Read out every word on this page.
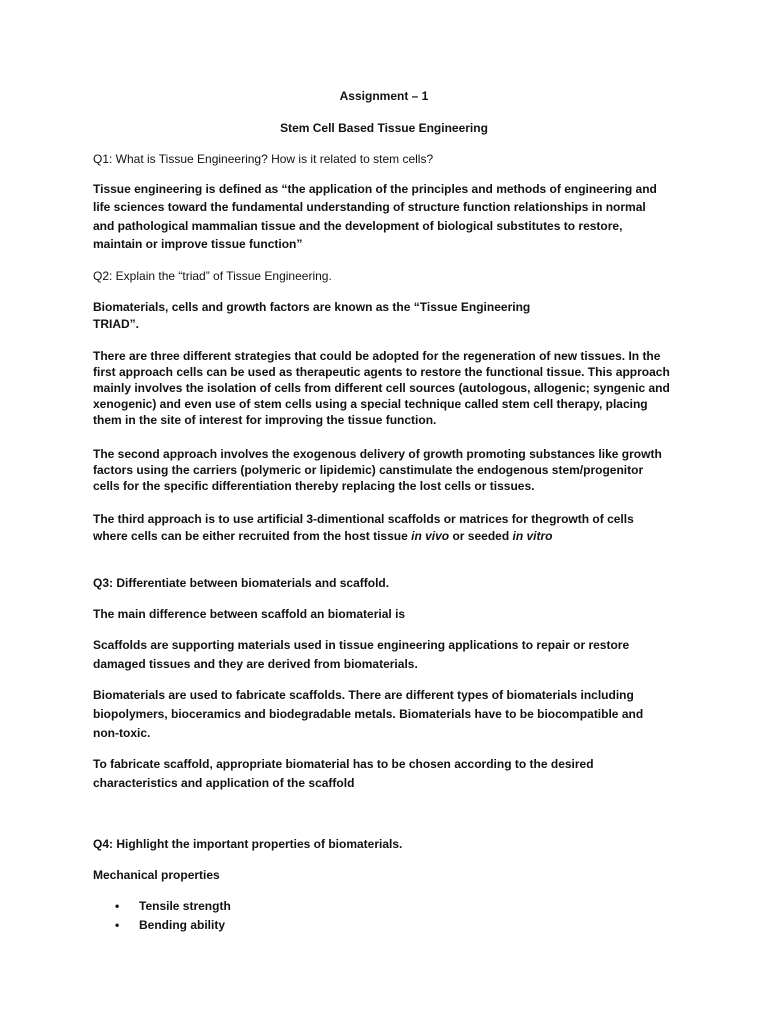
Assignment – 1

Stem Cell Based Tissue Engineering

Q1: What is Tissue Engineering? How is it related to stem cells?

Tissue engineering is defined as “the application of the principles and methods of engineering and

life sciences toward the fundamental understanding of structure function relationships in normal

and pathological mammalian tissue and the development of biological substitutes to restore,

maintain or improve tissue function”

Q2: Explain the “triad” of Tissue Engineering.

Biomaterials, cells and growth factors are known as the “Tissue Engineering

TRIAD”.

There are three different strategies that could be adopted for the regeneration of new tissues. In the

first approach cells can be used as therapeutic agents to restore the functional tissue. This approach

mainly involves the isolation of cells from different cell sources (autologous, allogenic; syngenic and

xenogenic) and even use of stem cells using a special technique called stem cell therapy, placing

them in the site of interest for improving the tissue function.

The second approach involves the exogenous delivery of growth promoting substances like growth

factors using the carriers (polymeric or lipidemic) canstimulate the endogenous stem/progenitor

cells for the specific differentiation thereby replacing the lost cells or tissues.

The third approach is to use artificial 3-dimentional scaffolds or matrices for thegrowth of cells

where cells can be either recruited from the host tissue in vivo or seeded in vitro

Q3: Differentiate between biomaterials and scaffold.

The main difference between scaffold an biomaterial is

Scaffolds are supporting materials used in tissue engineering applications to repair or restore

damaged tissues and they are derived from biomaterials.

Biomaterials are used to fabricate scaffolds. There are different types of biomaterials including

biopolymers, bioceramics and biodegradable metals. Biomaterials have to be biocompatible and

non-toxic.

To fabricate scaffold, appropriate biomaterial has to be chosen according to the desired

characteristics and application of the scaffold

Q4: Highlight the important properties of biomaterials.

Mechanical properties

• Tensile strength

• Bending ability
